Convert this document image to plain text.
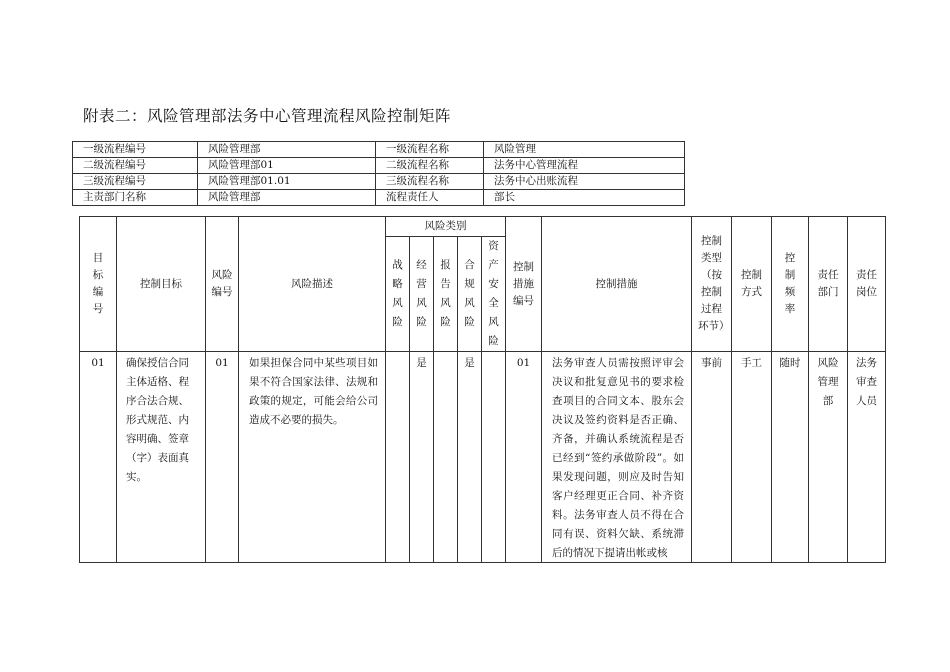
附表二：风险管理部法务中心管理流程风险控制矩阵
一级流程编号	风险管理部	一级流程名称	风险管理
二级流程编号	风险管理部01	二级流程名称	法务中心管理流程
三级流程编号	风险管理部01.01	三级流程名称	法务中心出账流程
主责部门名称	风险管理部	流程责任人	部长
目标编号	控制目标	风险编号	风险描述	风险类别					控制措施编号	控制措施	控制类型（按控制过程环节）	控制方式	控制频率	责任部门	责任岗位
				战略风险	经营风险	报告风险	合规风险	资产安全风险							
01	确保授信合同主体适格、程序合法合规、形式规范、内容明确、签章（字）表面真实。	01	如果担保合同中某些项目如果不符合国家法律、法规和政策的规定，可能会给公司造成不必要的损失。		是		是		01	法务审查人员需按照评审会决议和批复意见书的要求检查项目的合同文本、股东会决议及签约资料是否正确、齐备，并确认系统流程是否已经到“签约承做阶段”。如果发现问题，则应及时告知客户经理更正合同、补齐资料。法务审查人员不得在合同有误、资料欠缺、系统滞后的情况下提请出帐或核	事前	手工	随时	风险管理部	法务审查人员
